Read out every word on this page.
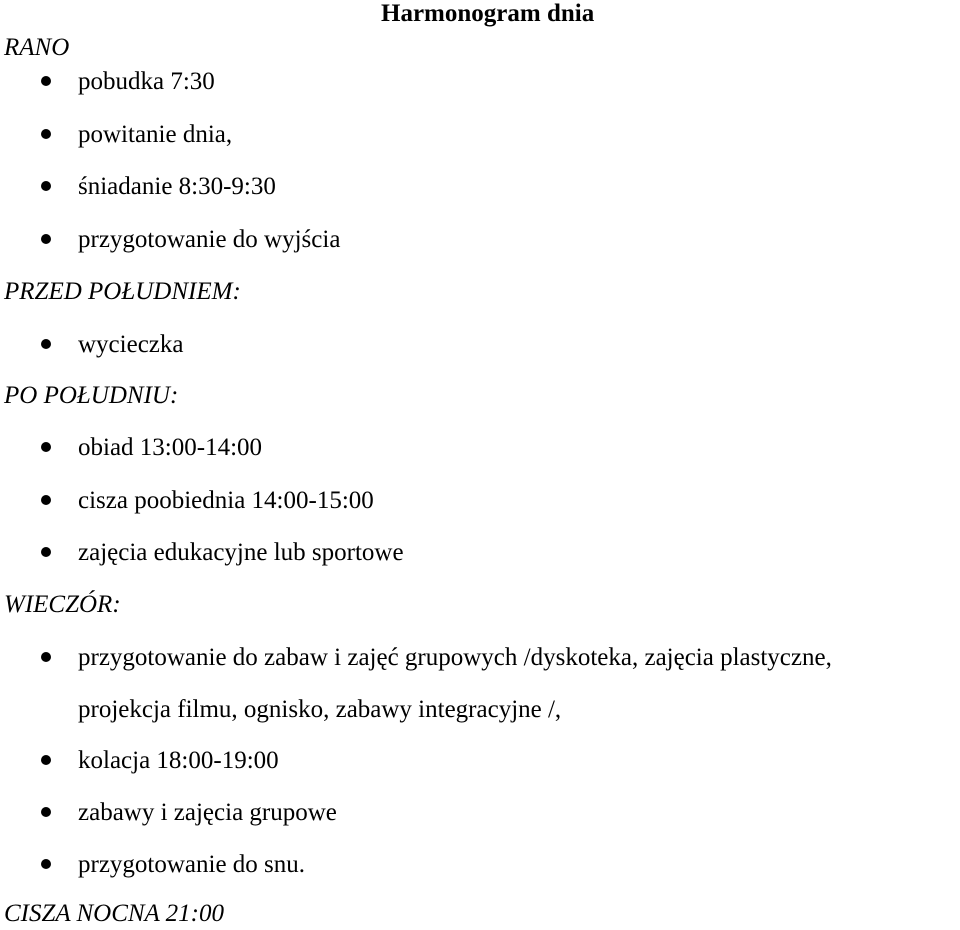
Harmonogram dnia
RANO
pobudka 7:30
powitanie dnia,
śniadanie 8:30-9:30
przygotowanie do wyjścia
PRZED POŁUDNIEM:
wycieczka
PO POŁUDNIU:
obiad 13:00-14:00
cisza poobiednia 14:00-15:00
zajęcia edukacyjne lub sportowe
WIECZÓR:
przygotowanie do zabaw i zajęć grupowych /dyskoteka, zajęcia plastyczne,
projekcja filmu, ognisko, zabawy integracyjne /,
kolacja 18:00-19:00
zabawy i zajęcia grupowe
przygotowanie do snu.
CISZA NOCNA 21:00
